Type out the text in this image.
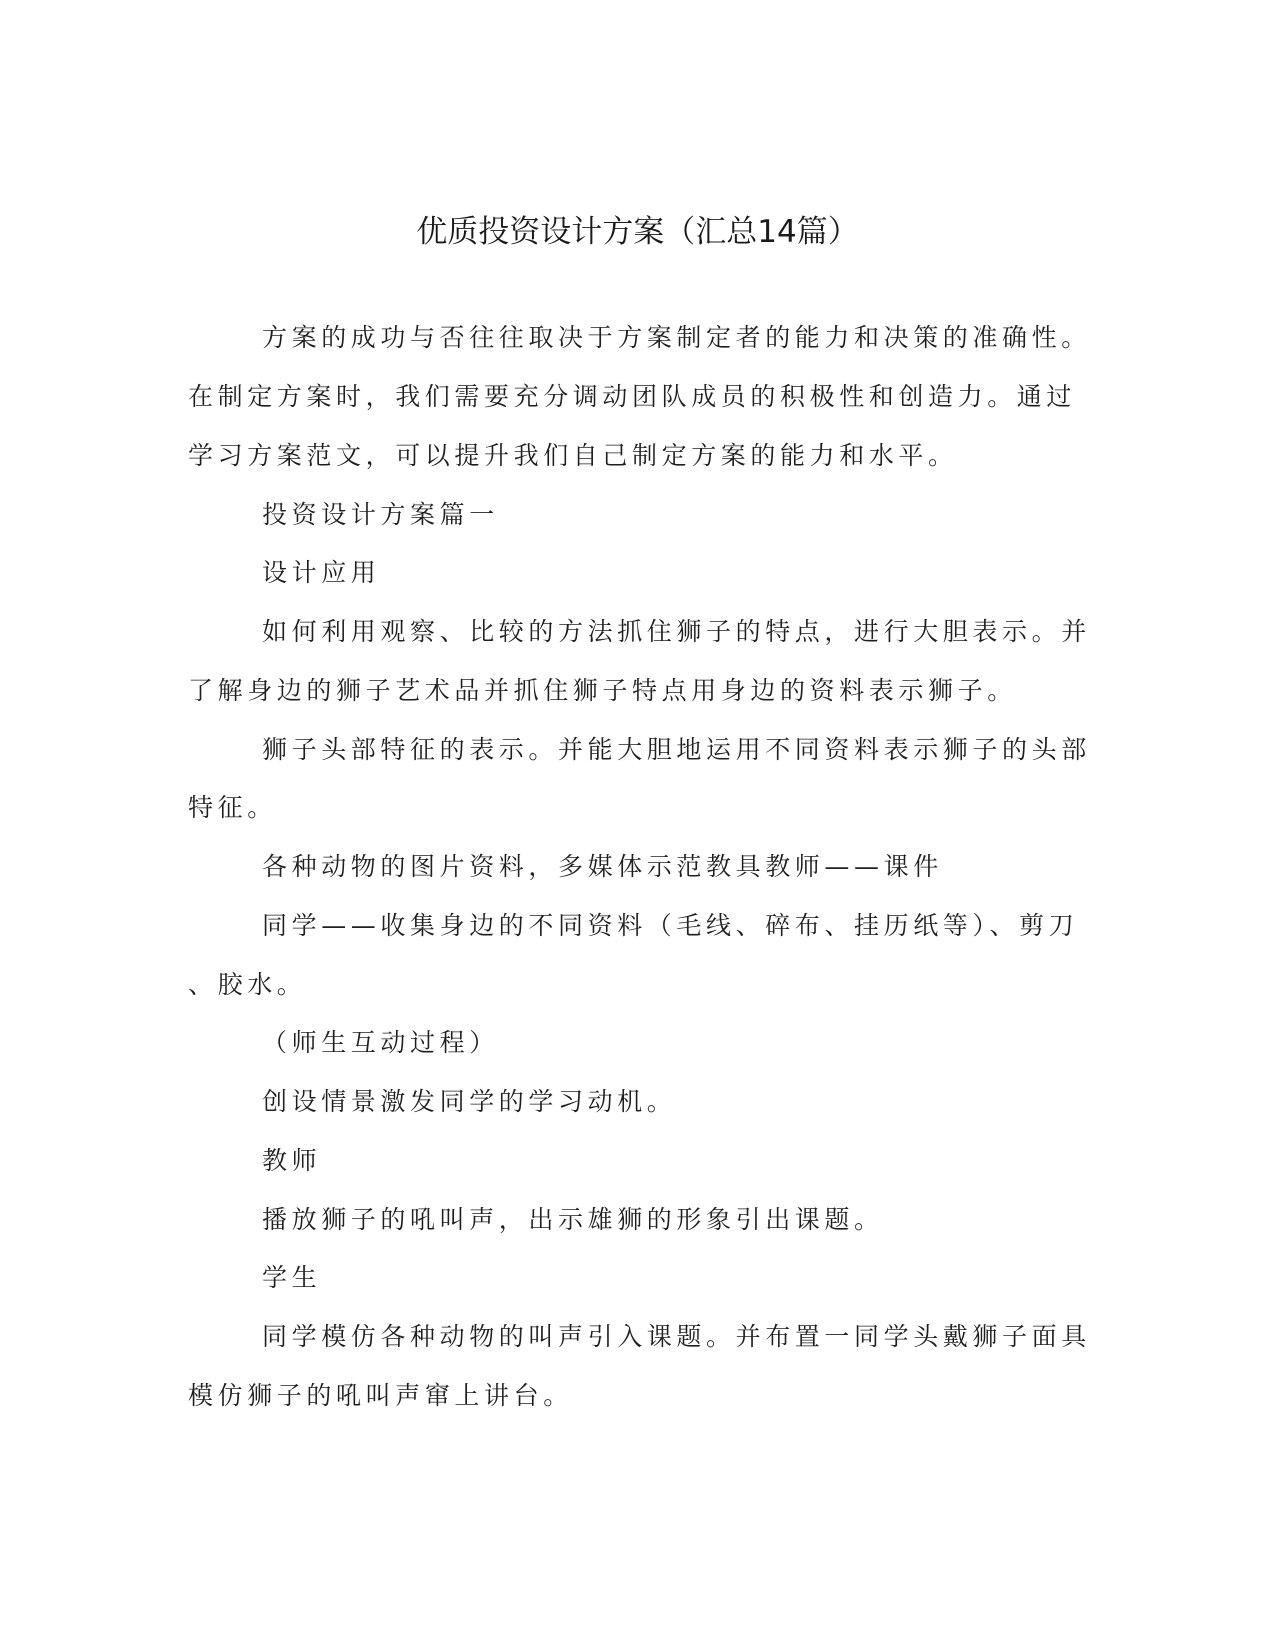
优质投资设计方案（汇总14篇）
方案的成功与否往往取决于方案制定者的能力和决策的准确性。
在制定方案时，我们需要充分调动团队成员的积极性和创造力。通过
学习方案范文，可以提升我们自己制定方案的能力和水平。
投资设计方案篇一
设计应用
如何利用观察、比较的方法抓住狮子的特点，进行大胆表示。并
了解身边的狮子艺术品并抓住狮子特点用身边的资料表示狮子。
狮子头部特征的表示。并能大胆地运用不同资料表示狮子的头部
特征。
各种动物的图片资料，多媒体示范教具教师——课件
同学——收集身边的不同资料（毛线、碎布、挂历纸等）、剪刀
、胶水。
（师生互动过程）
创设情景激发同学的学习动机。
教师
播放狮子的吼叫声，出示雄狮的形象引出课题。
学生
同学模仿各种动物的叫声引入课题。并布置一同学头戴狮子面具
模仿狮子的吼叫声窜上讲台。
